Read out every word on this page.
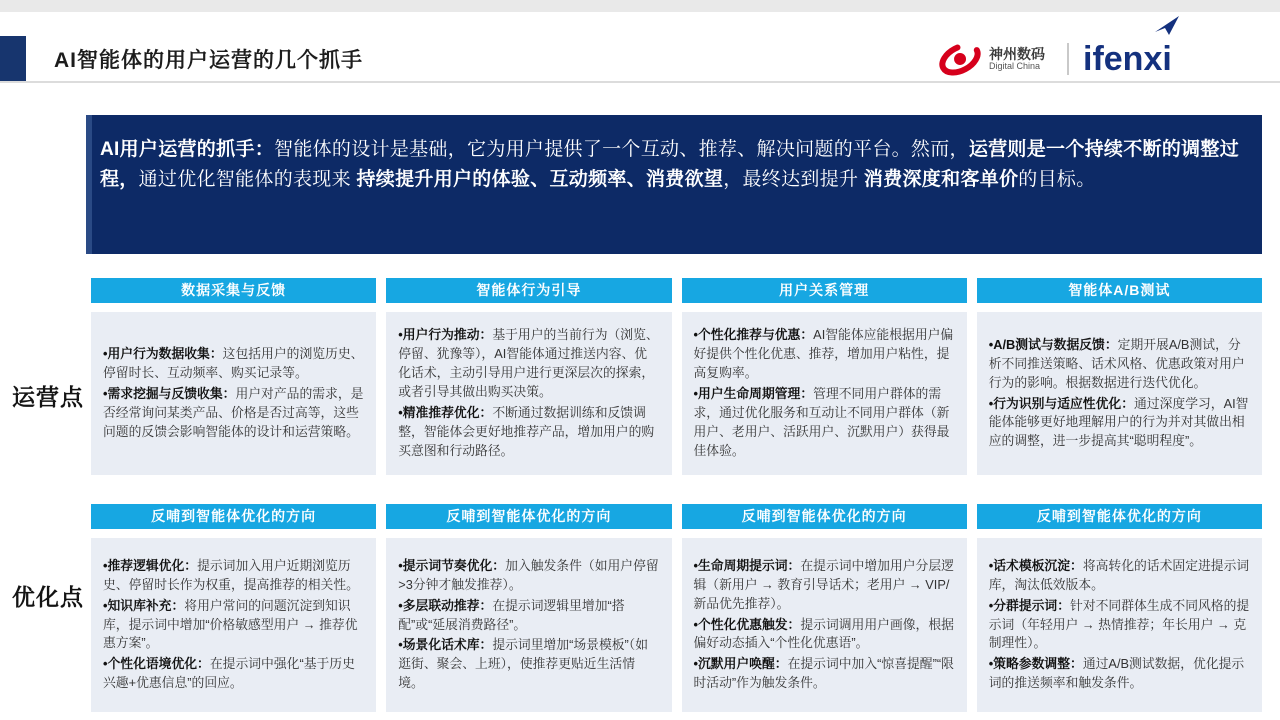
AI智能体的用户运营的几个抓手	神州数码
Digital China ifenxi
AI用户运营的抓手：智能体的设计是基础，它为用户提供了一个互动、推荐、解决问题的平台。然而，运营则是一个持续不断的调整过程，通过优化智能体的表现来 持续提升用户的体验、互动频率、消费欲望，最终达到提升 消费深度和客单价的目标。
运营点
优化点
数据采集与反馈
•用户行为数据收集：这包括用户的浏览历史、停留时长、互动频率、购买记录等。
•需求挖掘与反馈收集：用户对产品的需求，是否经常询问某类产品、价格是否过高等，这些问题的反馈会影响智能体的设计和运营策略。
智能体行为引导
•用户行为推动：基于用户的当前行为（浏览、停留、犹豫等），AI智能体通过推送内容、优化话术，主动引导用户进行更深层次的探索，或者引导其做出购买决策。
•精准推荐优化：不断通过数据训练和反馈调整，智能体会更好地推荐产品，增加用户的购买意图和行动路径。
用户关系管理
•个性化推荐与优惠：AI智能体应能根据用户偏好提供个性化优惠、推荐，增加用户粘性，提高复购率。
•用户生命周期管理：管理不同用户群体的需求，通过优化服务和互动让不同用户群体（新用户、老用户、活跃用户、沉默用户）获得最佳体验。
智能体A/B测试
•A/B测试与数据反馈：定期开展A/B测试，分析不同推送策略、话术风格、优惠政策对用户行为的影响。根据数据进行迭代优化。
•行为识别与适应性优化：通过深度学习，AI智能体能够更好地理解用户的行为并对其做出相应的调整，进一步提高其“聪明程度”。
反哺到智能体优化的方向
•推荐逻辑优化：提示词加入用户近期浏览历史、停留时长作为权重，提高推荐的相关性。
•知识库补充：将用户常问的问题沉淀到知识库，提示词中增加“价格敏感型用户 → 推荐优惠方案”。
•个性化语境优化：在提示词中强化“基于历史兴趣+优惠信息”的回应。
反哺到智能体优化的方向
•提示词节奏优化：加入触发条件（如用户停留>3分钟才触发推荐）。
•多层联动推荐：在提示词逻辑里增加“搭配”或“延展消费路径”。
•场景化话术库：提示词里增加“场景模板”（如逛街、聚会、上班），使推荐更贴近生活情境。
反哺到智能体优化的方向
•生命周期提示词：在提示词中增加用户分层逻辑（新用户 → 教育引导话术；老用户 → VIP/新品优先推荐）。
•个性化优惠触发：提示词调用用户画像，根据偏好动态插入“个性化优惠语”。
•沉默用户唤醒：在提示词中加入“惊喜提醒”“限时活动”作为触发条件。
反哺到智能体优化的方向
•话术模板沉淀：将高转化的话术固定进提示词库，淘汰低效版本。
•分群提示词：针对不同群体生成不同风格的提示词（年轻用户 → 热情推荐；年长用户 → 克制理性）。
•策略参数调整：通过A/B测试数据，优化提示词的推送频率和触发条件。
